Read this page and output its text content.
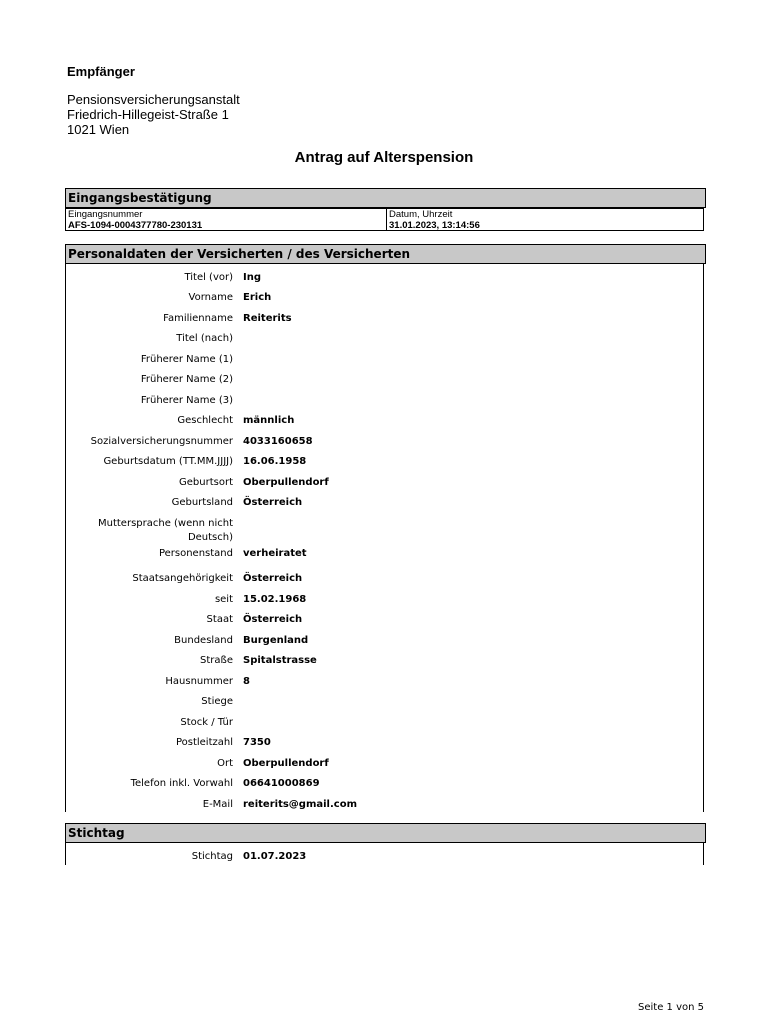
Empfänger
Pensionsversicherungsanstalt
Friedrich-Hillegeist-Straße 1
1021 Wien
Antrag auf Alterspension
Eingangsbestätigung
Eingangsnummer
AFS-1094-0004377780-230131
Datum, Uhrzeit
31.01.2023, 13:14:56
Personaldaten der Versicherten / des Versicherten
Titel (vor) Ing
Vorname Erich
Familienname Reiterits
Titel (nach)
Früherer Name (1)
Früherer Name (2)
Früherer Name (3)
Geschlecht männlich
Sozialversicherungsnummer 4033160658
Geburtsdatum (TT.MM.JJJJ) 16.06.1958
Geburtsort Oberpullendorf
Geburtsland Österreich
Muttersprache (wenn nicht Deutsch)
Personenstand verheiratet
Staatsangehörigkeit Österreich
seit 15.02.1968
Staat Österreich
Bundesland Burgenland
Straße Spitalstrasse
Hausnummer 8
Stiege
Stock / Tür
Postleitzahl 7350
Ort Oberpullendorf
Telefon inkl. Vorwahl 06641000869
E-Mail reiterits@gmail.com
Stichtag
Stichtag 01.07.2023
Seite 1 von 5
